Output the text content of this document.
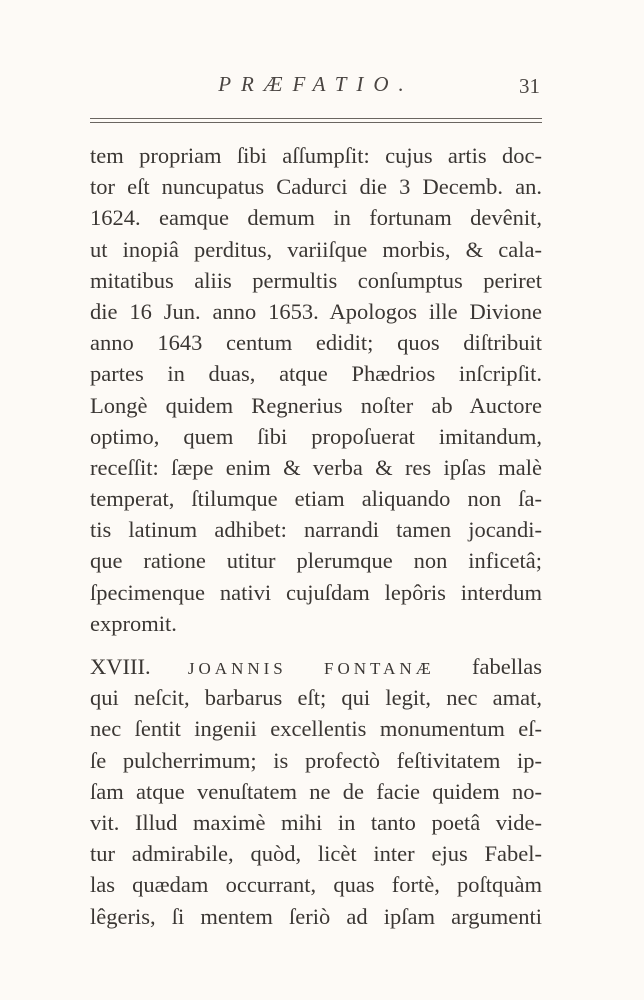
PRÆFATIO.	31
tem propriam ſibi aſſumpſit: cujus artis doc-
tor eſt nuncupatus Cadurci die 3 Decemb. an.
1624. eamque demum in fortunam devênit,
ut inopiâ perditus, variiſque morbis, & cala-
mitatibus aliis permultis conſumptus periret
die 16 Jun. anno 1653. Apologos ille Divione
anno 1643 centum edidit; quos diſtribuit
partes in duas, atque Phædrios inſcripſit.
Longè quidem Regnerius noſter ab Auctore
optimo, quem ſibi propoſuerat imitandum,
receſſit: ſæpe enim & verba & res ipſas malè
temperat, ſtilumque etiam aliquando non ſa-
tis latinum adhibet: narrandi tamen jocandi-
que ratione utitur plerumque non inficetâ;
ſpecimenque nativi cujuſdam lepôris interdum
expromit.
XVIII. JOANNIS FONTANÆ fabellas
qui neſcit, barbarus eſt; qui legit, nec amat,
nec ſentit ingenii excellentis monumentum eſ-
ſe pulcherrimum; is profectò feſtivitatem ip-
ſam atque venuſtatem ne de facie quidem no-
vit. Illud maximè mihi in tanto poetâ vide-
tur admirabile, quòd, licèt inter ejus Fabel-
las quædam occurrant, quas fortè, poſtquàm
lêgeris, ſi mentem ſeriò ad ipſam argumenti
